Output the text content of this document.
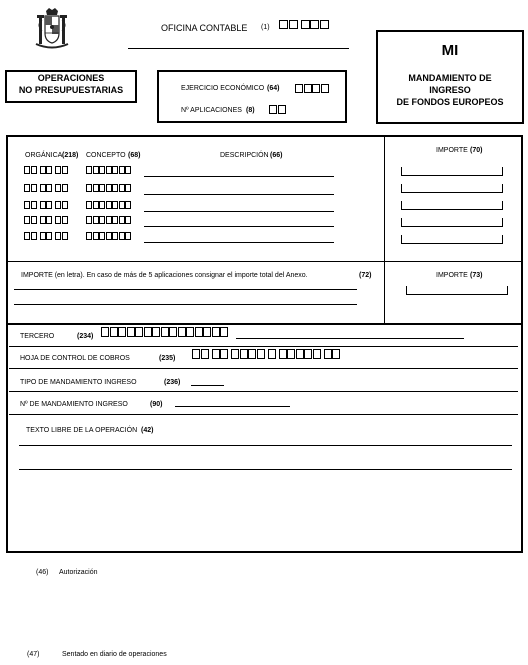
OFICINA CONTABLE (1)
OPERACIONES
NO PRESUPUESTARIAS	EJERCICIO ECONÓMICO (64)
Nº APLICACIONES (8)
MI
MANDAMIENTO DE
INGRESO
DE FONDOS EUROPEOS
ORGÁNICA (218) CONCEPTO (68)	DESCRIPCIÓN (66)
IMPORTE (70)
IMPORTE (en letra). En caso de más de 5 aplicaciones consignar el importe total del Anexo.	(72)	IMPORTE (73)
TERCERO	(234)
HOJA DE CONTROL DE COBROS	(235)
TIPO DE MANDAMIENTO INGRESO	(236)
Nº DE MANDAMIENTO INGRESO	(90)
TEXTO LIBRE DE LA OPERACIÓN (42)
(46) Autorización
(47)	Sentado en diario de operaciones
